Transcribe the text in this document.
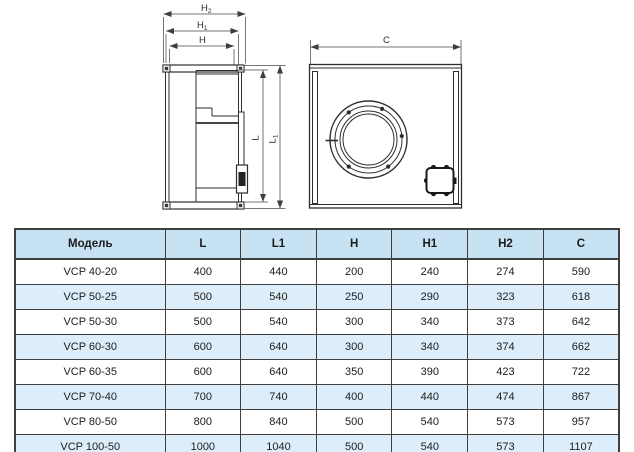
$H_2$
$H_1$
H
L
$L_1$
C
Модель	L	L1	H	H1	H2	C
VCP 40-20	400	440	200	240	274	590
VCP 50-25	500	540	250	290	323	618
VCP 50-30	500	540	300	340	373	642
VCP 60-30	600	640	300	340	374	662
VCP 60-35	600	640	350	390	423	722
VCP 70-40	700	740	400	440	474	867
VCP 80-50	800	840	500	540	573	957
VCP 100-50	1000	1040	500	540	573	1107
